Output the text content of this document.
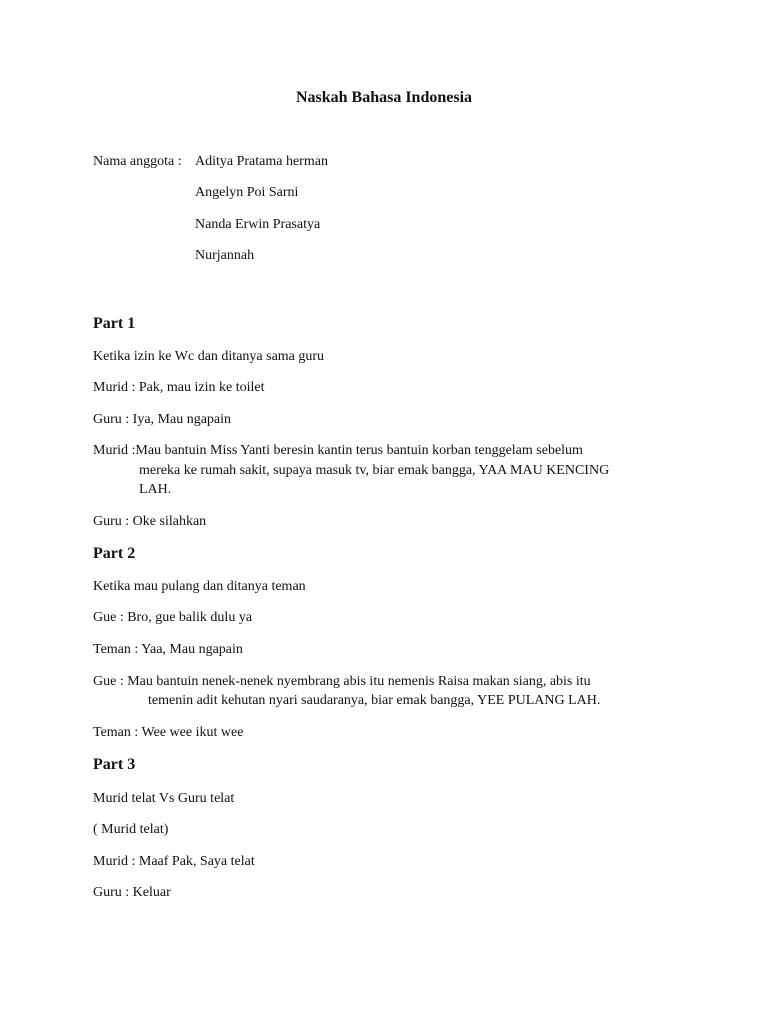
Naskah Bahasa Indonesia
Nama anggota : Aditya Pratama herman
Angelyn Poi Sarni
Nanda Erwin Prasatya
Nurjannah
Part 1
Ketika izin ke Wc dan ditanya sama guru
Murid : Pak, mau izin ke toilet
Guru : Iya, Mau ngapain
Murid :Mau bantuin Miss Yanti beresin kantin terus bantuin korban tenggelam sebelum
mereka ke rumah sakit, supaya masuk tv, biar emak bangga, YAA MAU KENCING
LAH.
Guru : Oke silahkan
Part 2
Ketika mau pulang dan ditanya teman
Gue : Bro, gue balik dulu ya
Teman : Yaa, Mau ngapain
Gue : Mau bantuin nenek-nenek nyembrang abis itu nemenis Raisa makan siang, abis itu
temenin adit kehutan nyari saudaranya, biar emak bangga, YEE PULANG LAH.
Teman : Wee wee ikut wee
Part 3
Murid telat Vs Guru telat
( Murid telat)
Murid : Maaf Pak, Saya telat
Guru : Keluar
